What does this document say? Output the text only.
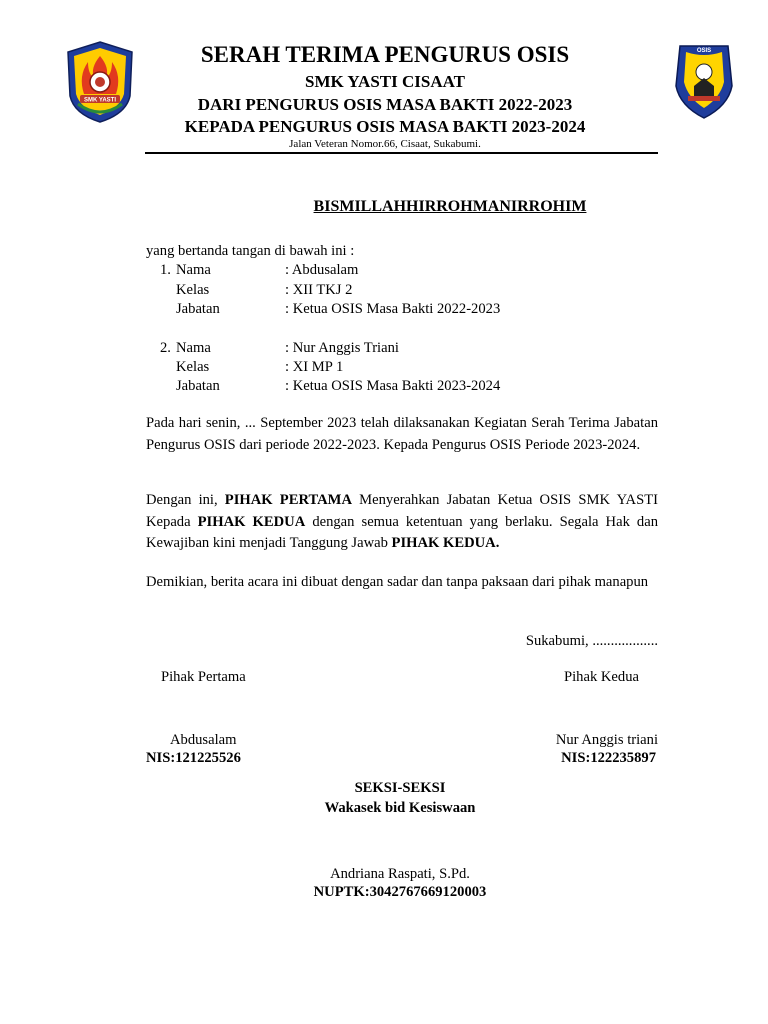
SMK YASTI
OSIS
SERAH TERIMA PENGURUS OSIS
SMK YASTI CISAAT
DARI PENGURUS OSIS MASA BAKTI 2022-2023
KEPADA PENGURUS OSIS MASA BAKTI 2023-2024
Jalan Veteran Nomor.66, Cisaat, Sukabumi.
BISMILLAHHIRROHMANIRROHIM
yang bertanda tangan di bawah ini :
1. Nama	: Abdusalam
Kelas	: XII TKJ 2
Jabatan	: Ketua OSIS Masa Bakti 2022-2023
2. Nama	: Nur Anggis Triani
Kelas	: XI MP 1
Jabatan	: Ketua OSIS Masa Bakti 2023-2024
Pada hari senin, ... September 2023 telah dilaksanakan Kegiatan Serah Terima Jabatan Pengurus OSIS dari periode 2022-2023. Kepada Pengurus OSIS Periode 2023-2024.
Dengan ini, PIHAK PERTAMA Menyerahkan Jabatan Ketua OSIS SMK YASTI Kepada PIHAK KEDUA dengan semua ketentuan yang berlaku. Segala Hak dan Kewajiban kini menjadi Tanggung Jawab PIHAK KEDUA.
Demikian, berita acara ini dibuat dengan sadar dan tanpa paksaan dari pihak manapun
Sukabumi, ..................
Pihak Pertama	Pihak Kedua
Abdusalam
NIS:121225526
Nur Anggis triani
NIS:122235897
SEKSI-SEKSI
Wakasek bid Kesiswaan
Andriana Raspati, S.Pd.
NUPTK:3042767669120003
